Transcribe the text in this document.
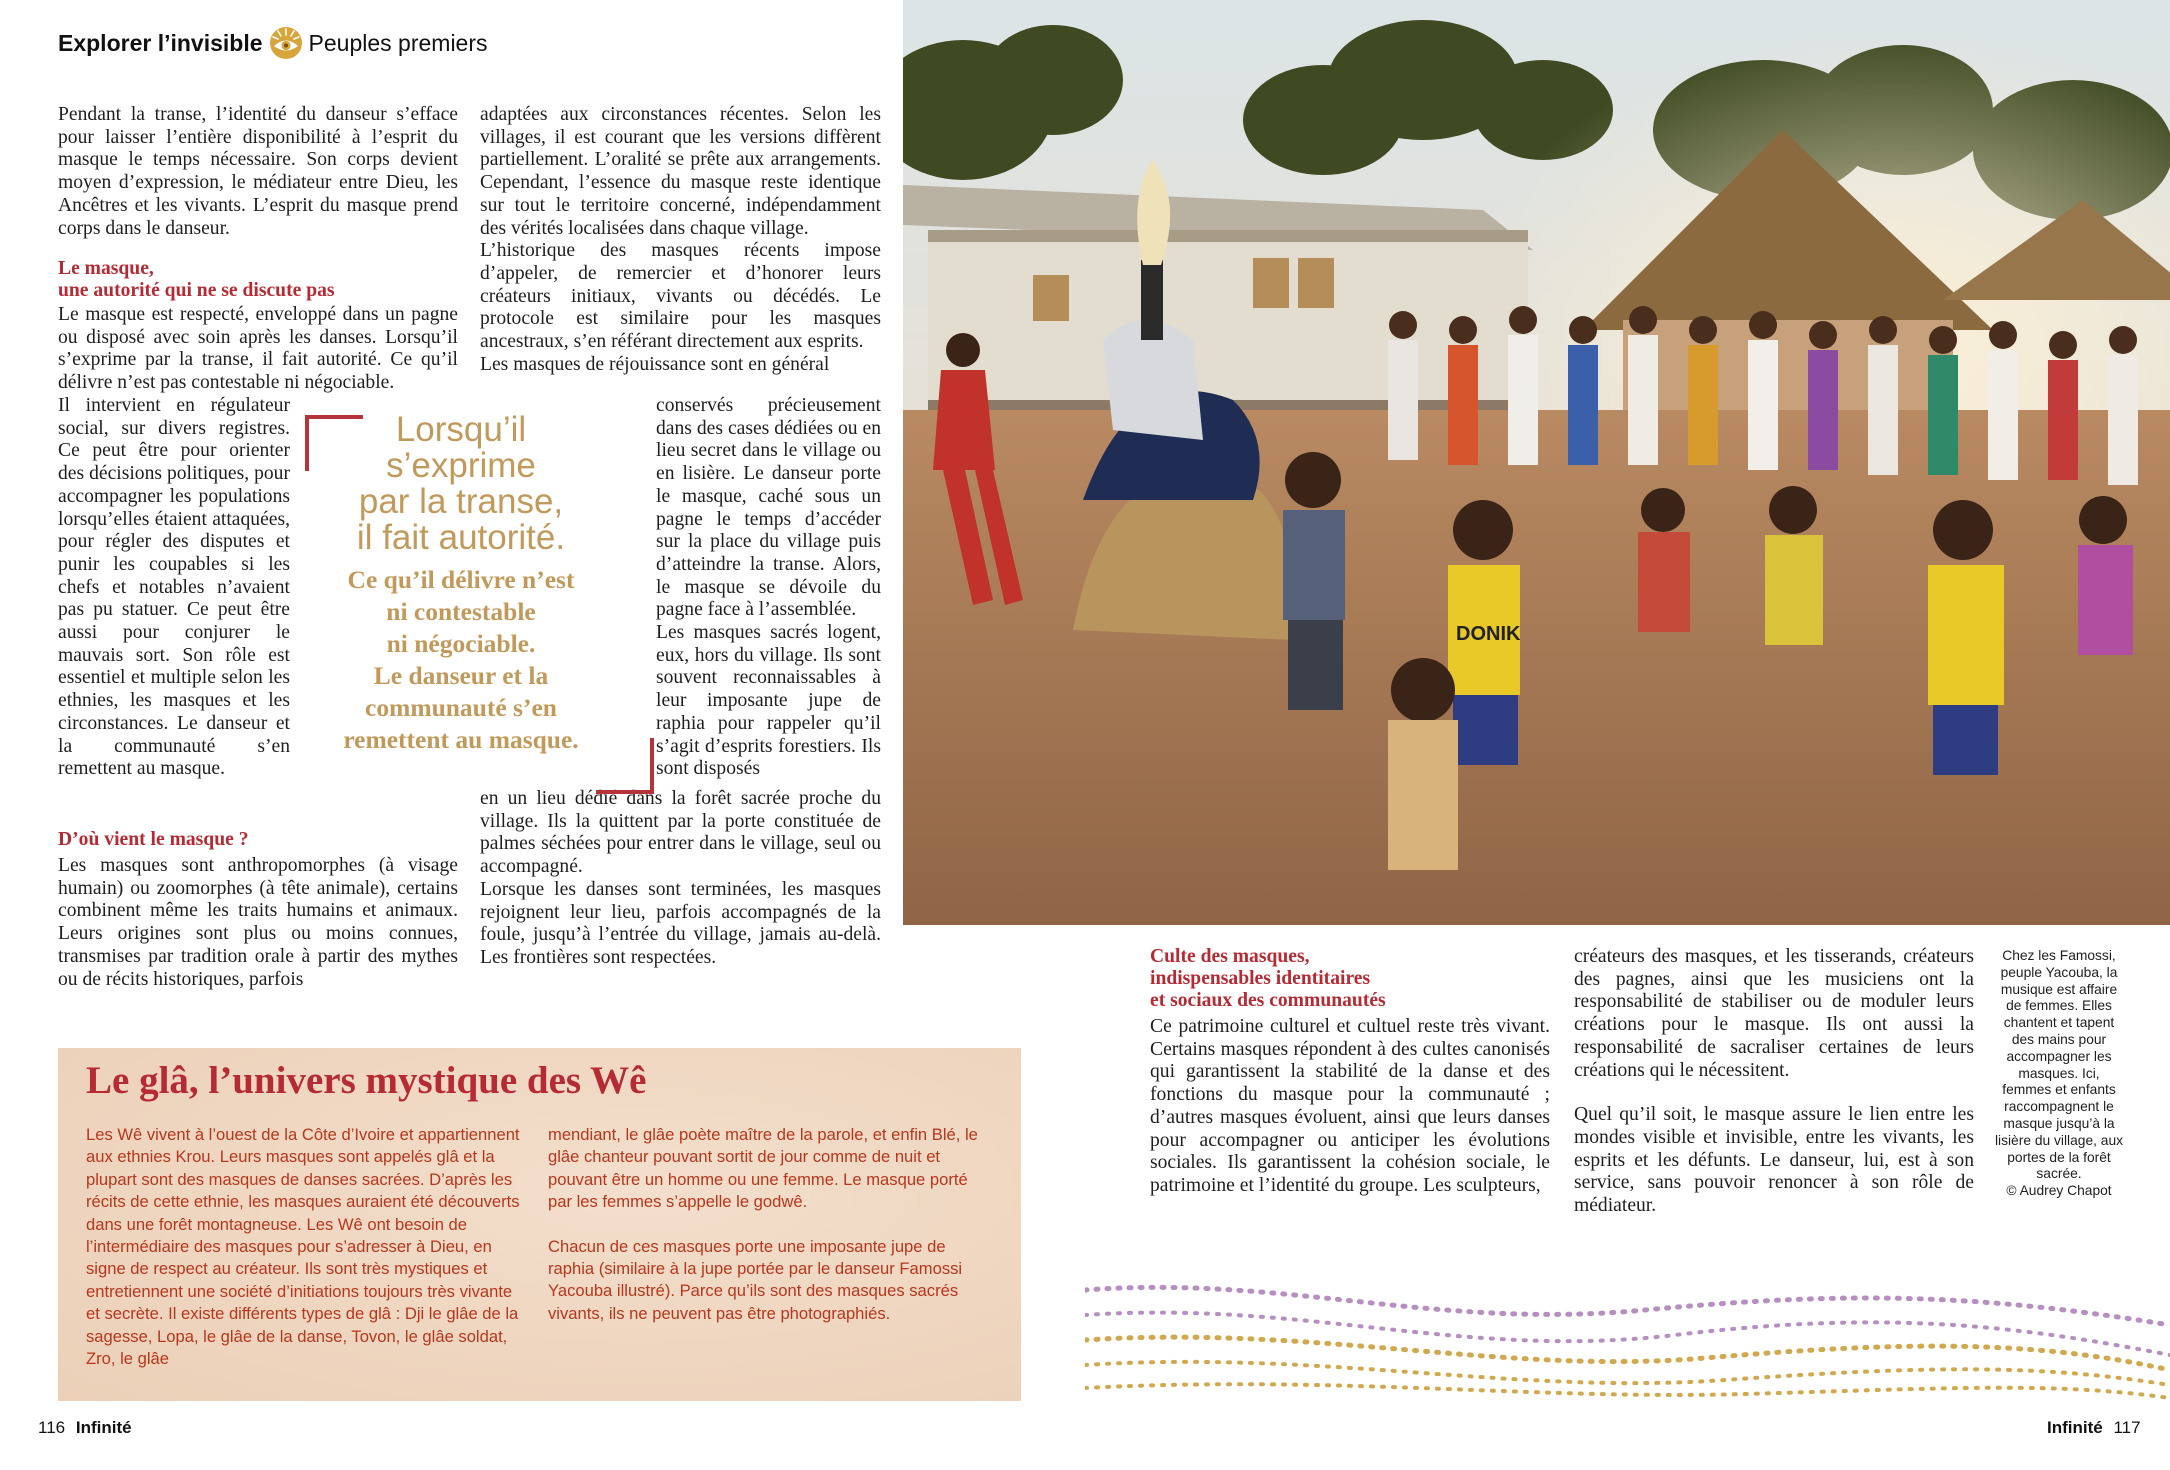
Explorer l’invisible Peuples premiers

Pendant la transe, l’identité du danseur s’efface pour laisser l’entière disponibilité à l’esprit du masque le temps nécessaire. Son corps devient moyen d’expression, le médiateur entre Dieu, les Ancêtres et les vivants. L’esprit du masque prend corps dans le danseur.

Le masque,

une autorité qui ne se discute pas

Le masque est respecté, enveloppé dans un pagne ou disposé avec soin après les danses. Lorsqu’il s’exprime par la transe, il fait autorité. Ce qu’il délivre n’est pas contestable ni négociable.

Il intervient en régulateur social, sur divers registres. Ce peut être pour orienter des décisions politiques, pour accompagner les populations lorsqu’elles étaient attaquées, pour régler des disputes et punir les coupables si les chefs et notables n’avaient pas pu statuer. Ce peut être aussi pour conjurer le mauvais sort. Son rôle est essentiel et multiple selon les ethnies, les masques et les circonstances. Le danseur et la communauté s’en remettent au masque.

D’où vient le masque ?

Les masques sont anthropomorphes (à visage humain) ou zoomorphes (à tête animale), certains combinent même les traits humains et animaux. Leurs origines sont plus ou moins connues, transmises par tradition orale à partir des mythes ou de récits historiques, parfois

adaptées aux circonstances récentes. Selon les villages, il est courant que les versions diffèrent partiellement. L’oralité se prête aux arrangements. Cependant, l’essence du masque reste identique sur tout le territoire concerné, indépendamment des vérités localisées dans chaque village.

L’historique des masques récents impose d’appeler, de remercier et d’honorer leurs créateurs initiaux, vivants ou décédés. Le protocole est similaire pour les masques ancestraux, s’en référant directement aux esprits.

Les masques de réjouissance sont en général

conservés précieusement dans des cases dédiées ou en lieu secret dans le village ou en lisière. Le danseur porte le masque, caché sous un pagne le temps d’accéder sur la place du village puis d’atteindre la transe. Alors, le masque se dévoile du pagne face à l’assemblée.

Les masques sacrés logent, eux, hors du village. Ils sont souvent reconnaissables à leur imposante jupe de raphia pour rappeler qu’il s’agit d’esprits forestiers. Ils sont disposés

en un lieu dédié dans la forêt sacrée proche du village. Ils la quittent par la porte constituée de palmes séchées pour entrer dans le village, seul ou accompagné.

Lorsque les danses sont terminées, les masques rejoignent leur lieu, parfois accompagnés de la foule, jusqu’à l’entrée du village, jamais au-delà. Les frontières sont respectées.

Lorsqu’il
s’exprime
par la transe,
il fait autorité.
Ce qu’il délivre n’est
ni contestable
ni négociable.
Le danseur et la
communauté s’en
remettent au masque.
Le glâ, l’univers mystique des Wê

Les Wê vivent à l’ouest de la Côte d’Ivoire et appartiennent aux ethnies Krou. Leurs masques sont appelés glâ et la plupart sont des masques de danses sacrées. D’après les récits de cette ethnie, les masques auraient été découverts dans une forêt montagneuse. Les Wê ont besoin de l’intermédiaire des masques pour s’adresser à Dieu, en signe de respect au créateur. Ils sont très mystiques et entretiennent une société d’initiations toujours très vivante et secrète. Il existe différents types de glâ : Dji le glâe de la sagesse, Lopa, le glâe de la danse, Tovon, le glâe soldat, Zro, le glâe

mendiant, le glâe poète maître de la parole, et enfin Blé, le glâe chanteur pouvant sortit de jour comme de nuit et pouvant être un homme ou une femme. Le masque porté par les femmes s’appelle le godwê.

Chacun de ces masques porte une imposante jupe de raphia (similaire à la jupe portée par le danseur Famossi Yacouba illustré). Parce qu’ils sont des masques sacrés vivants, ils ne peuvent pas être photographiés.

DONIK

Culte des masques,

indispensables identitaires

et sociaux des communautés

Ce patrimoine culturel et cultuel reste très vivant. Certains masques répondent à des cultes canonisés qui garantissent la stabilité de la danse et des fonctions du masque pour la communauté ; d’autres masques évoluent, ainsi que leurs danses pour accompagner ou anticiper les évolutions sociales. Ils garantissent la cohésion sociale, le patrimoine et l’identité du groupe. Les sculpteurs,

créateurs des masques, et les tisserands, créateurs des pagnes, ainsi que les musiciens ont la responsabilité de stabiliser ou de moduler leurs créations pour le masque. Ils ont aussi la responsabilité de sacraliser certaines de leurs créations qui le nécessitent.

Quel qu’il soit, le masque assure le lien entre les mondes visible et invisible, entre les vivants, les esprits et les défunts. Le danseur, lui, est à son service, sans pouvoir renoncer à son rôle de médiateur.

Chez les Famossi, peuple Yacouba, la musique est affaire de femmes. Elles chantent et tapent des mains pour accompagner les masques. Ici, femmes et enfants raccompagnent le masque jusqu’à la lisière du village, aux portes de la forêt sacrée.
© Audrey Chapot
116 Infinité	Infinité 117
